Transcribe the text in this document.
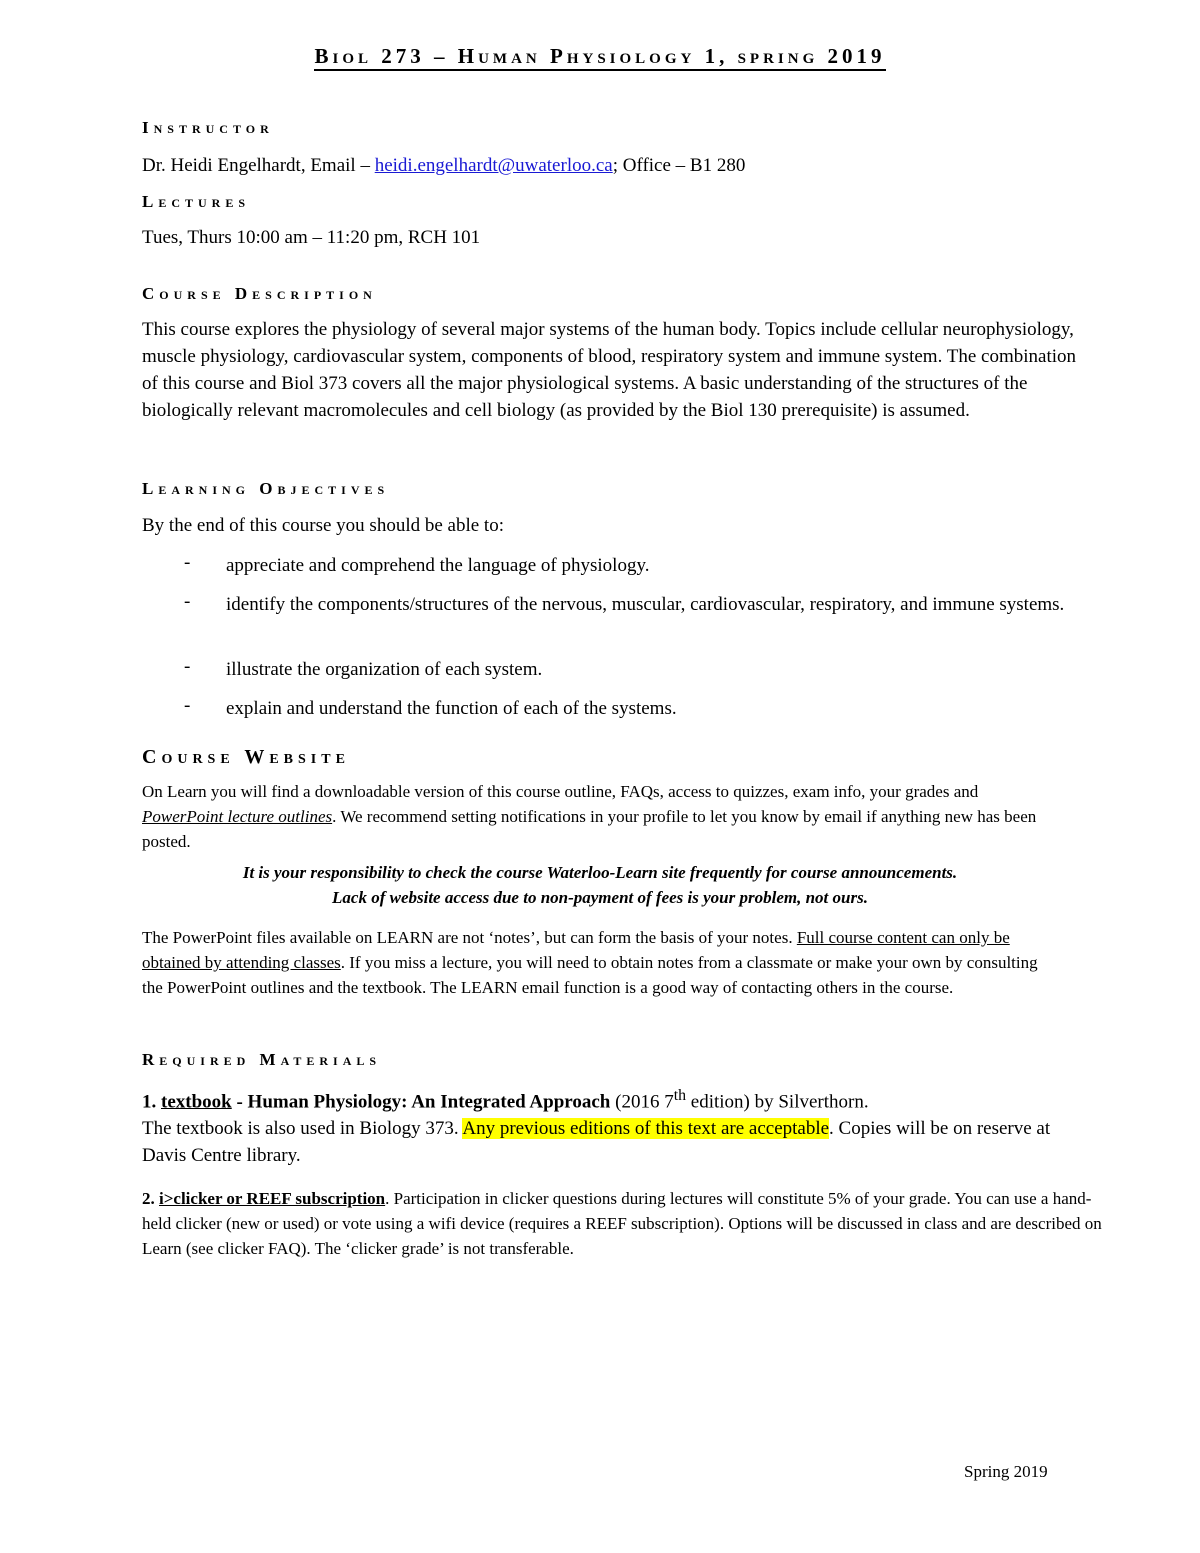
Biol 273 – Human Physiology 1, spring 2019
Instructor
Dr. Heidi Engelhardt, Email – heidi.engelhardt@uwaterloo.ca; Office – B1 280
Lectures
Tues, Thurs 10:00 am – 11:20 pm, RCH 101
Course Description
This course explores the physiology of several major systems of the human body. Topics include cellular neurophysiology, muscle physiology, cardiovascular system, components of blood, respiratory system and immune system. The combination of this course and Biol 373 covers all the major physiological systems. A basic understanding of the structures of the biologically relevant macromolecules and cell biology (as provided by the Biol 130 prerequisite) is assumed.
Learning Objectives
By the end of this course you should be able to:
- appreciate and comprehend the language of physiology.
- identify the components/structures of the nervous, muscular, cardiovascular, respiratory, and immune systems.
- illustrate the organization of each system.
- explain and understand the function of each of the systems.
Course Website
On Learn you will find a downloadable version of this course outline, FAQs, access to quizzes, exam info, your grades and PowerPoint lecture outlines. We recommend setting notifications in your profile to let you know by email if anything new has been posted.
It is your responsibility to check the course Waterloo-Learn site frequently for course announcements.
Lack of website access due to non-payment of fees is your problem, not ours.
The PowerPoint files available on LEARN are not ‘notes’, but can form the basis of your notes. Full course content can only be obtained by attending classes. If you miss a lecture, you will need to obtain notes from a classmate or make your own by consulting the PowerPoint outlines and the textbook. The LEARN email function is a good way of contacting others in the course.
Required Materials
1. textbook - Human Physiology: An Integrated Approach (2016 7th edition) by Silverthorn.
The textbook is also used in Biology 373. Any previous editions of this text are acceptable. Copies will be on reserve at Davis Centre library.
2. i>clicker or REEF subscription. Participation in clicker questions during lectures will constitute 5% of your grade. You can use a hand-held clicker (new or used) or vote using a wifi device (requires a REEF subscription). Options will be discussed in class and are described on Learn (see clicker FAQ). The ‘clicker grade’ is not transferable.
Spring 2019
